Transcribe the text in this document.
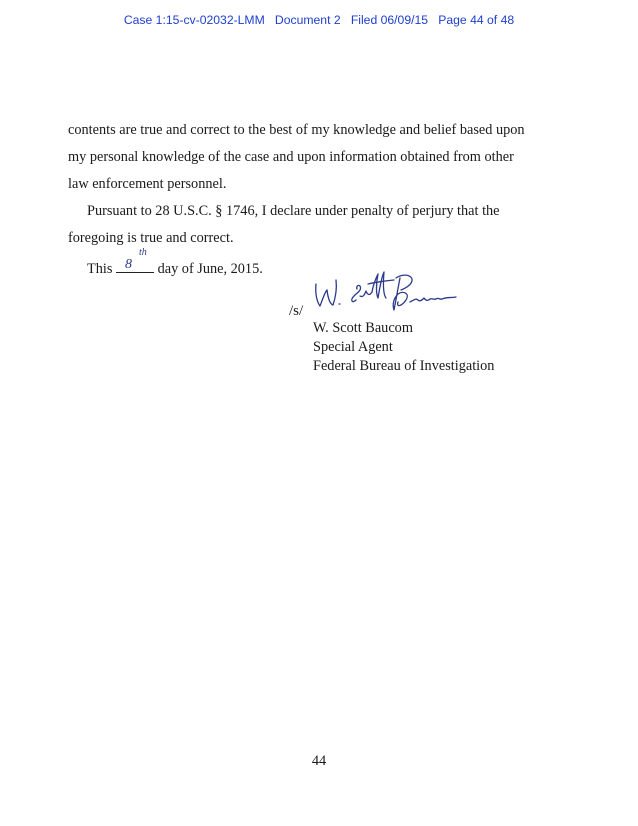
Case 1:15-cv-02032-LMM Document 2 Filed 06/09/15 Page 44 of 48
contents are true and correct to the best of my knowledge and belief based upon
my personal knowledge of the case and upon information obtained from other
law enforcement personnel.
Pursuant to 28 U.S.C. § 1746, I declare under penalty of perjury that the
foregoing is true and correct.
This 8
th
day of June, 2015.
/s/
W. Scott Baucom
Special Agent
Federal Bureau of Investigation
44
